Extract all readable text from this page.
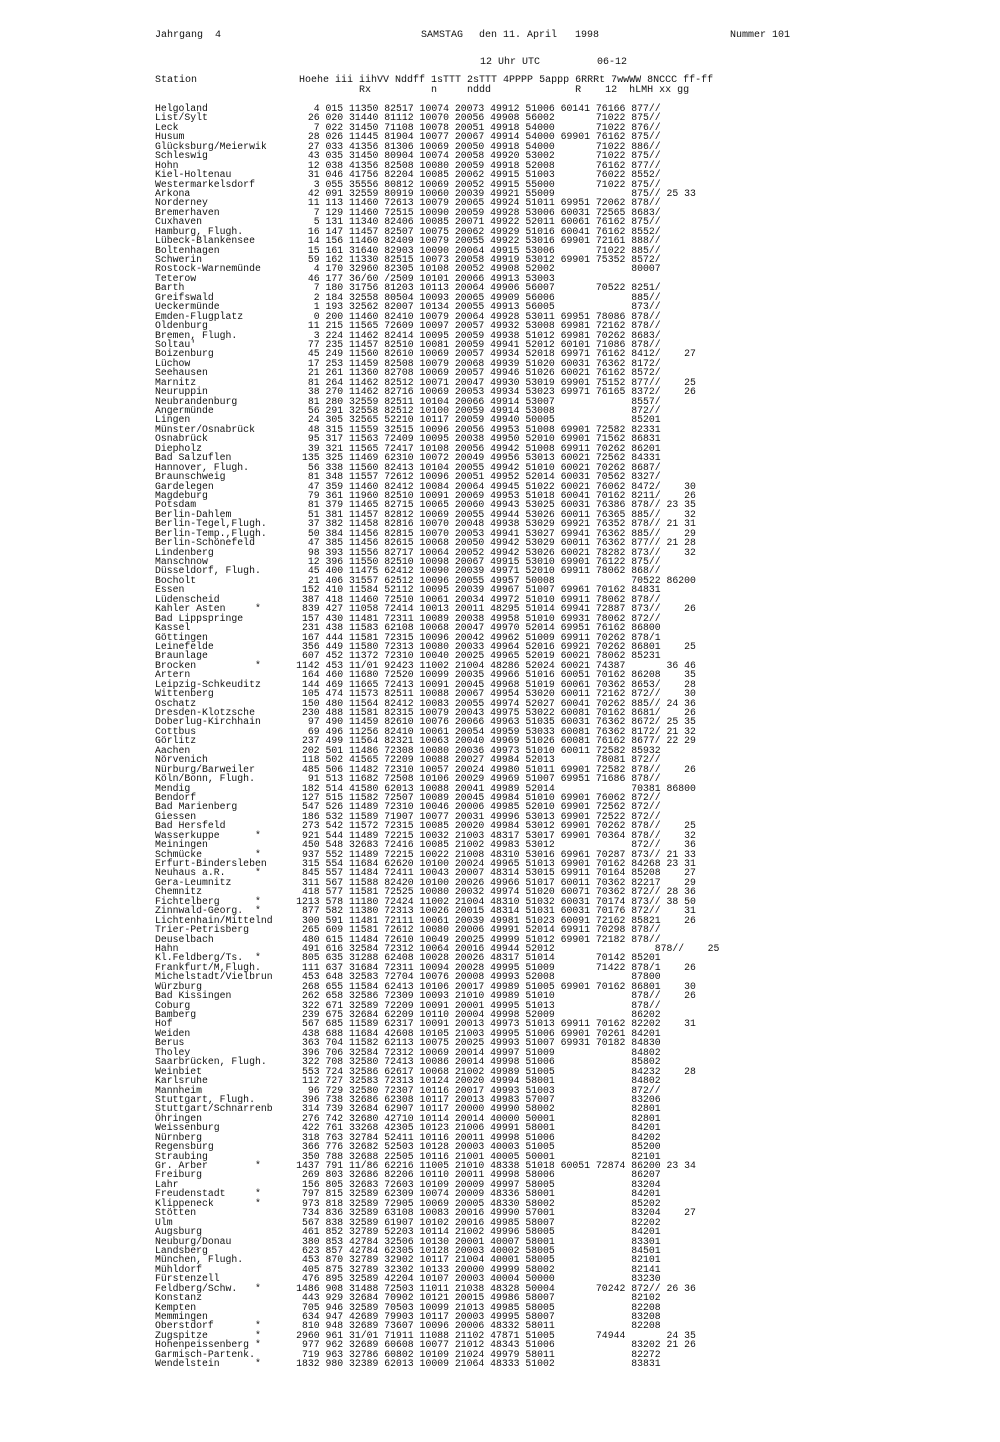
Jahrgang  4	SAMSTAG den 11. April 1998	Nummer 101
12 Uhr UTC	06-12
Station                 Hoehe iii iihVV Nddff 1sTTT 2sTTT 4PPPP 5appp 6RRRt 7wwWW 8NCCC ff-ff
Rx          n     nddd              R    12  hLMH xx gg
Helgoland                  4 015 11350 82517 10074 20073 49912 51006 60141 76166 877//
List/Sylt                 26 020 31440 81112 10070 20056 49908 56002       71022 875//
Leck                       7 022 31450 71108 10078 20051 49918 54000       71022 876//
Husum                     28 026 11445 81904 10077 20067 49914 54000 69901 76162 875//
Glücksburg/Meierwik       27 033 41356 81306 10069 20050 49918 54000       71022 886//
Schleswig                 43 035 31450 80904 10074 20058 49920 53002       71022 875//
Hohn                      12 038 41356 82508 10080 20059 49918 52008       76162 877//
Kiel-Holtenau             31 046 41756 82204 10085 20062 49915 51003       76022 8552/
Westermarkelsdorf          3 055 35556 80812 10069 20052 49915 55000       71022 875//
Arkona                    42 091 32559 80919 10060 20039 49921 55009             875// 25 33
Norderney                 11 113 11460 72613 10079 20065 49924 51011 69951 72062 878//
Bremerhaven                7 129 11460 72515 10090 20059 49928 53006 60031 72565 8683/
Cuxhaven                   5 131 11340 82406 10085 20071 49922 52011 60061 76162 875//
Hamburg, Flugh.           16 147 11457 82507 10075 20062 49929 51016 60041 76162 8552/
Lübeck-Blankensee         14 156 11460 82409 10079 20055 49922 53016 69901 72161 888//
Boltenhagen               15 161 31640 82903 10090 20064 49915 53006       71022 885//
Schwerin                  59 162 11330 82515 10073 20058 49919 53012 69901 75352 8572/
Rostock-Warnemünde         4 170 32960 82305 10108 20052 49908 52002             80007
Teterow                   46 177 36/60 /2509 10101 20066 49913 53003
Barth                      7 180 31756 81203 10113 20064 49906 56007       70522 8251/
Greifswald                 2 184 32558 80504 10093 20065 49909 56006             885//
Ueckermünde                1 193 32562 82007 10134 20055 49913 56005             873//
Emden-Flugplatz            0 200 11460 82410 10079 20064 49928 53011 69951 78086 878//
Oldenburg                 11 215 11565 72609 10097 20057 49932 53008 69981 72162 878//
Bremen, Flugh.             3 224 11462 82414 10095 20059 49938 51012 69981 70262 8683/
Soltau'                   77 235 11457 82510 10081 20059 49941 52012 60101 71086 878//
Boizenburg                45 249 11560 82610 10069 20057 49934 52018 69971 76162 8412/    27
Lüchow                    17 253 11459 82508 10079 20068 49939 51020 60031 76362 8172/
Seehausen                 21 261 11360 82708 10069 20057 49946 51026 60021 76162 8572/
Marnitz                   81 264 11462 82512 10071 20047 49930 53019 69901 75152 877//    25
Neuruppin                 38 270 11462 82716 10069 20053 49934 53023 69971 76165 8372/    26
Neubrandenburg            81 280 32559 82511 10104 20066 49914 53007             8557/
Angermünde                56 291 32558 82512 10100 20059 49914 53008             872//
Lingen                    24 305 32565 52210 10117 20059 49940 50005             85201
Münster/Osnabrück         48 315 11559 32515 10096 20056 49953 51008 69901 72582 82331
Osnabrück                 95 317 11563 72409 10095 20038 49950 52010 69901 71562 86831
Diepholz                  39 321 11565 72417 10108 20056 49942 51008 69911 70262 86201
Bad Salzuflen            135 325 11469 62310 10072 20049 49956 53013 60021 72562 84331
Hannover, Flugh.          56 338 11560 82413 10104 20055 49942 51010 60021 70262 8687/
Braunschweig              81 348 11557 72612 10096 20051 49952 52014 60031 70562 8327/
Gardelegen                47 359 11460 82412 10084 20064 49945 51022 60021 76062 8472/    30
Magdeburg                 79 361 11960 82510 10091 20069 49953 51018 60041 70162 8211/    26
Potsdam                   81 379 11465 82715 10065 20060 49943 53025 60031 76386 878// 23 35
Berlin-Dahlem             51 381 11457 82812 10069 20055 49944 53026 60011 76365 885//    32
Berlin-Tegel,Flugh.       37 382 11458 82816 10070 20048 49938 53029 69921 76352 878// 21 31
Berlin-Temp.,Flugh.       50 384 11456 82815 10070 20053 49941 53027 69941 76362 885//    29
Berlin-Schönefeld         47 385 11456 82615 10068 20050 49942 53029 60011 76362 877// 21 28
Lindenberg                98 393 11556 82717 10064 20052 49942 53026 60021 78282 873//    32
Manschnow                 12 396 11550 82510 10098 20067 49915 53010 69901 76122 875//
Düsseldorf, Flugh.        45 400 11475 62412 10090 20039 49971 52010 69911 78062 868//
Bocholt                   21 406 31557 62512 10096 20055 49957 50008             70522 86200
Essen                    152 410 11584 52112 10095 20039 49967 51007 69961 70162 84831
Lüdenscheid              387 418 11460 72510 10061 20034 49972 51010 69911 78062 878//
Kahler Asten     *       839 427 11058 72414 10013 20011 48295 51014 69941 72887 873//    26
Bad Lippspringe          157 430 11481 72311 10089 20038 49958 51010 69931 78062 872//
Kassel                   231 438 11583 62108 10068 20047 49970 52014 69951 76162 86800
Göttingen                167 444 11581 72315 10096 20042 49962 51009 69911 70262 878/1
Leinefelde               356 449 11580 72313 10080 20033 49964 52016 69921 70262 86801    25
Braunlage                607 452 11372 72310 10040 20025 49965 52019 60021 78062 85231
Brocken          *      1142 453 11/01 92423 11002 21004 48286 52024 60021 74387       36 46
Artern                   164 460 11680 72520 10099 20035 49966 51016 60051 70162 86208    35
Leipzig-Schkeuditz       144 469 11665 72413 10091 20045 49968 51019 60061 70362 8653/    28
Wittenberg               105 474 11573 82511 10088 20067 49954 53020 60011 72162 872//    30
Oschatz                  150 480 11564 82412 10083 20055 49974 52027 60041 70262 885// 24 36
Dresden-Klotzsche        230 488 11581 82315 10079 20043 49975 53022 60081 70162 8681/    26
Doberlug-Kirchhain        97 490 11459 82610 10076 20066 49963 51035 60031 76362 8672/ 25 35
Cottbus                   69 496 11256 82410 10061 20054 49959 53033 60081 76362 8172/ 21 32
Görlitz                  237 499 11564 82321 10063 20040 49969 51026 60081 76162 8677/ 22 29
Aachen                   202 501 11486 72308 10080 20036 49973 51010 60011 72582 85932
Nörvenich                118 502 41565 72209 10088 20027 49984 52013       78081 872//
Nürburg/Barweiler        485 506 11482 72310 10057 20024 49980 51011 69901 72582 878//    26
Köln/Bonn, Flugh.         91 513 11682 72508 10106 20029 49969 51007 69951 71686 878//
Mendig                   182 514 41580 62013 10088 20041 49989 52014             70381 86800
Bendorf                  127 515 11582 72507 10089 20045 49984 51010 69901 76062 872//
Bad Marienberg           547 526 11489 72310 10046 20006 49985 52010 69901 72562 872//
Giessen                  186 532 11589 71907 10077 20031 49996 53013 69901 72522 872//
Bad Hersfeld             273 542 11572 72315 10085 20020 49984 53012 69901 70262 878//    25
Wasserkuppe      *       921 544 11489 72215 10032 21003 48317 53017 69901 70364 878//    32
Meiningen                450 548 32683 72416 10085 21002 49983 53012             872//    36
Schmücke         *       937 552 11489 72215 10022 21008 48310 53016 69961 70287 873// 21 33
Erfurt-Bindersleben      315 554 11684 62620 10100 20024 49965 51013 69901 70162 84268 23 31
Neuhaus a.R.     *       845 557 11484 72411 10043 20007 48314 53015 69911 70164 85208    27
Gera-Leumnitz            311 567 11588 82420 10100 20026 49966 51017 60011 70362 82217    29
Chemnitz                 418 577 11581 72525 10080 20032 49974 51020 60071 70362 872// 28 36
Fichtelberg      *      1213 578 11180 72424 11002 21004 48310 51032 60031 70174 873// 38 50
Zinnwald-Georg.  *       877 582 11380 72313 10026 20015 48314 51031 60031 70176 872//    31
Lichtenhain/Mittelnd     300 591 11481 72111 10061 20039 49981 51023 60091 72162 85821    26
Trier-Petrisberg         265 609 11581 72612 10080 20006 49991 52014 69911 70298 878//
Deuselbach               480 615 11484 72610 10049 20025 49999 51012 69901 72182 878//
Hahn                     491 616 32584 72312 10064 20016 49944 52012                 878//    25
Kl.Feldberg/Ts.  *       805 635 31288 62408 10028 20026 48317 51014       70142 85201
Frankfurt/M,Flugh.       111 637 31684 72311 10094 20028 49995 51009       71422 878/1    26
Michelstadt/Vielbrun     453 648 32583 72704 10076 20008 49993 52008             87800
Würzburg                 268 655 11584 62413 10106 20017 49989 51005 69901 70162 86801    30
Bad Kissingen            262 658 32586 72309 10093 21010 49989 51010             878//    26
Coburg                   322 671 32589 72209 10091 20001 49995 51013             878//
Bamberg                  239 675 32684 62209 10110 20004 49998 52009             86202
Hof                      567 685 11589 62317 10091 20013 49973 51013 69911 70162 82202    31
Weiden                   438 688 11684 42608 10105 21003 49995 51006 69901 70261 84201
Berus                    363 704 11582 62113 10075 20025 49993 51007 69931 70182 84830
Tholey                   396 706 32584 72312 10069 20014 49997 51009             84802
Saarbrücken, Flugh.      322 708 32580 72413 10086 20014 49998 51006             85802
Weinbiet                 553 724 32586 62617 10068 21002 49989 51005             84232    28
Karlsruhe                112 727 32583 72313 10124 20020 49994 58001             84802
Mannheim                  96 729 32580 72307 10116 20017 49993 51003             872//
Stuttgart, Flugh.        396 738 32686 62308 10117 20013 49983 57007             83206
Stuttgart/Schnarrenb     314 739 32684 62907 10117 20000 49990 58002             82801
Öhringen                 276 742 32680 42710 10114 20014 40000 50001             82801
Weissenburg              422 761 33268 42305 10123 21006 49991 58001             84201
Nürnberg                 318 763 32784 52411 10116 20011 49998 51006             84202
Regensburg               366 776 32682 52503 10128 20003 40003 51005             85200
Straubing                350 788 32688 22505 10116 21001 40005 50001             82101
Gr. Arber        *      1437 791 11/86 62216 11005 21010 48338 51018 60051 72874 86200 23 34
Freiburg                 269 803 32686 82206 10110 20011 49998 58006             86207
Lahr                     156 805 32683 72603 10109 20009 49997 58005             83204
Freudenstadt     *       797 815 32589 62309 10074 20009 48336 58001             84201
Klippeneck       *       973 818 32589 72905 10069 20005 48330 58002             85202
Stötten                  734 836 32589 63108 10083 20016 49990 57001             83204    27
Ulm                      567 838 32589 61907 10102 20016 49985 58007             82202
Augsburg                 461 852 32789 52203 10114 21002 49996 58005             84201
Neuburg/Donau            380 853 42784 32506 10130 20001 40007 58001             83301
Landsberg                623 857 42784 62305 10128 20003 40002 58005             84501
München, Flugh.          453 870 32789 32902 10117 21004 40001 58005             82101
Mühldorf                 405 875 32789 32302 10133 20000 49999 58002             82141
Fürstenzell              476 895 32589 42204 10107 20003 40004 50000             83230
Feldberg/Schw.   *      1486 908 31488 72503 11011 21038 48328 50004       70242 872// 26 36
Konstanz                 443 929 32684 70902 10121 20015 49986 58007             82102
Kempten                  705 946 32589 70503 10099 21013 49985 58005             82208
Memmingen                634 947 42689 79903 10117 20003 49995 58007             83208
Oberstdorf       *       810 948 32689 73607 10096 20006 48332 58011             82208
Zugspitze        *      2960 961 31/01 71911 11088 21102 47871 51005       74944       24 35
Hohenpeissenberg *       977 962 32689 60608 10077 21012 48343 51006             83202 21 26
Garmisch-Partenk.        719 963 32786 60802 10109 21024 49979 58011             82272
Wendelstein      *      1832 980 32389 62013 10009 21064 48333 51002             83831
